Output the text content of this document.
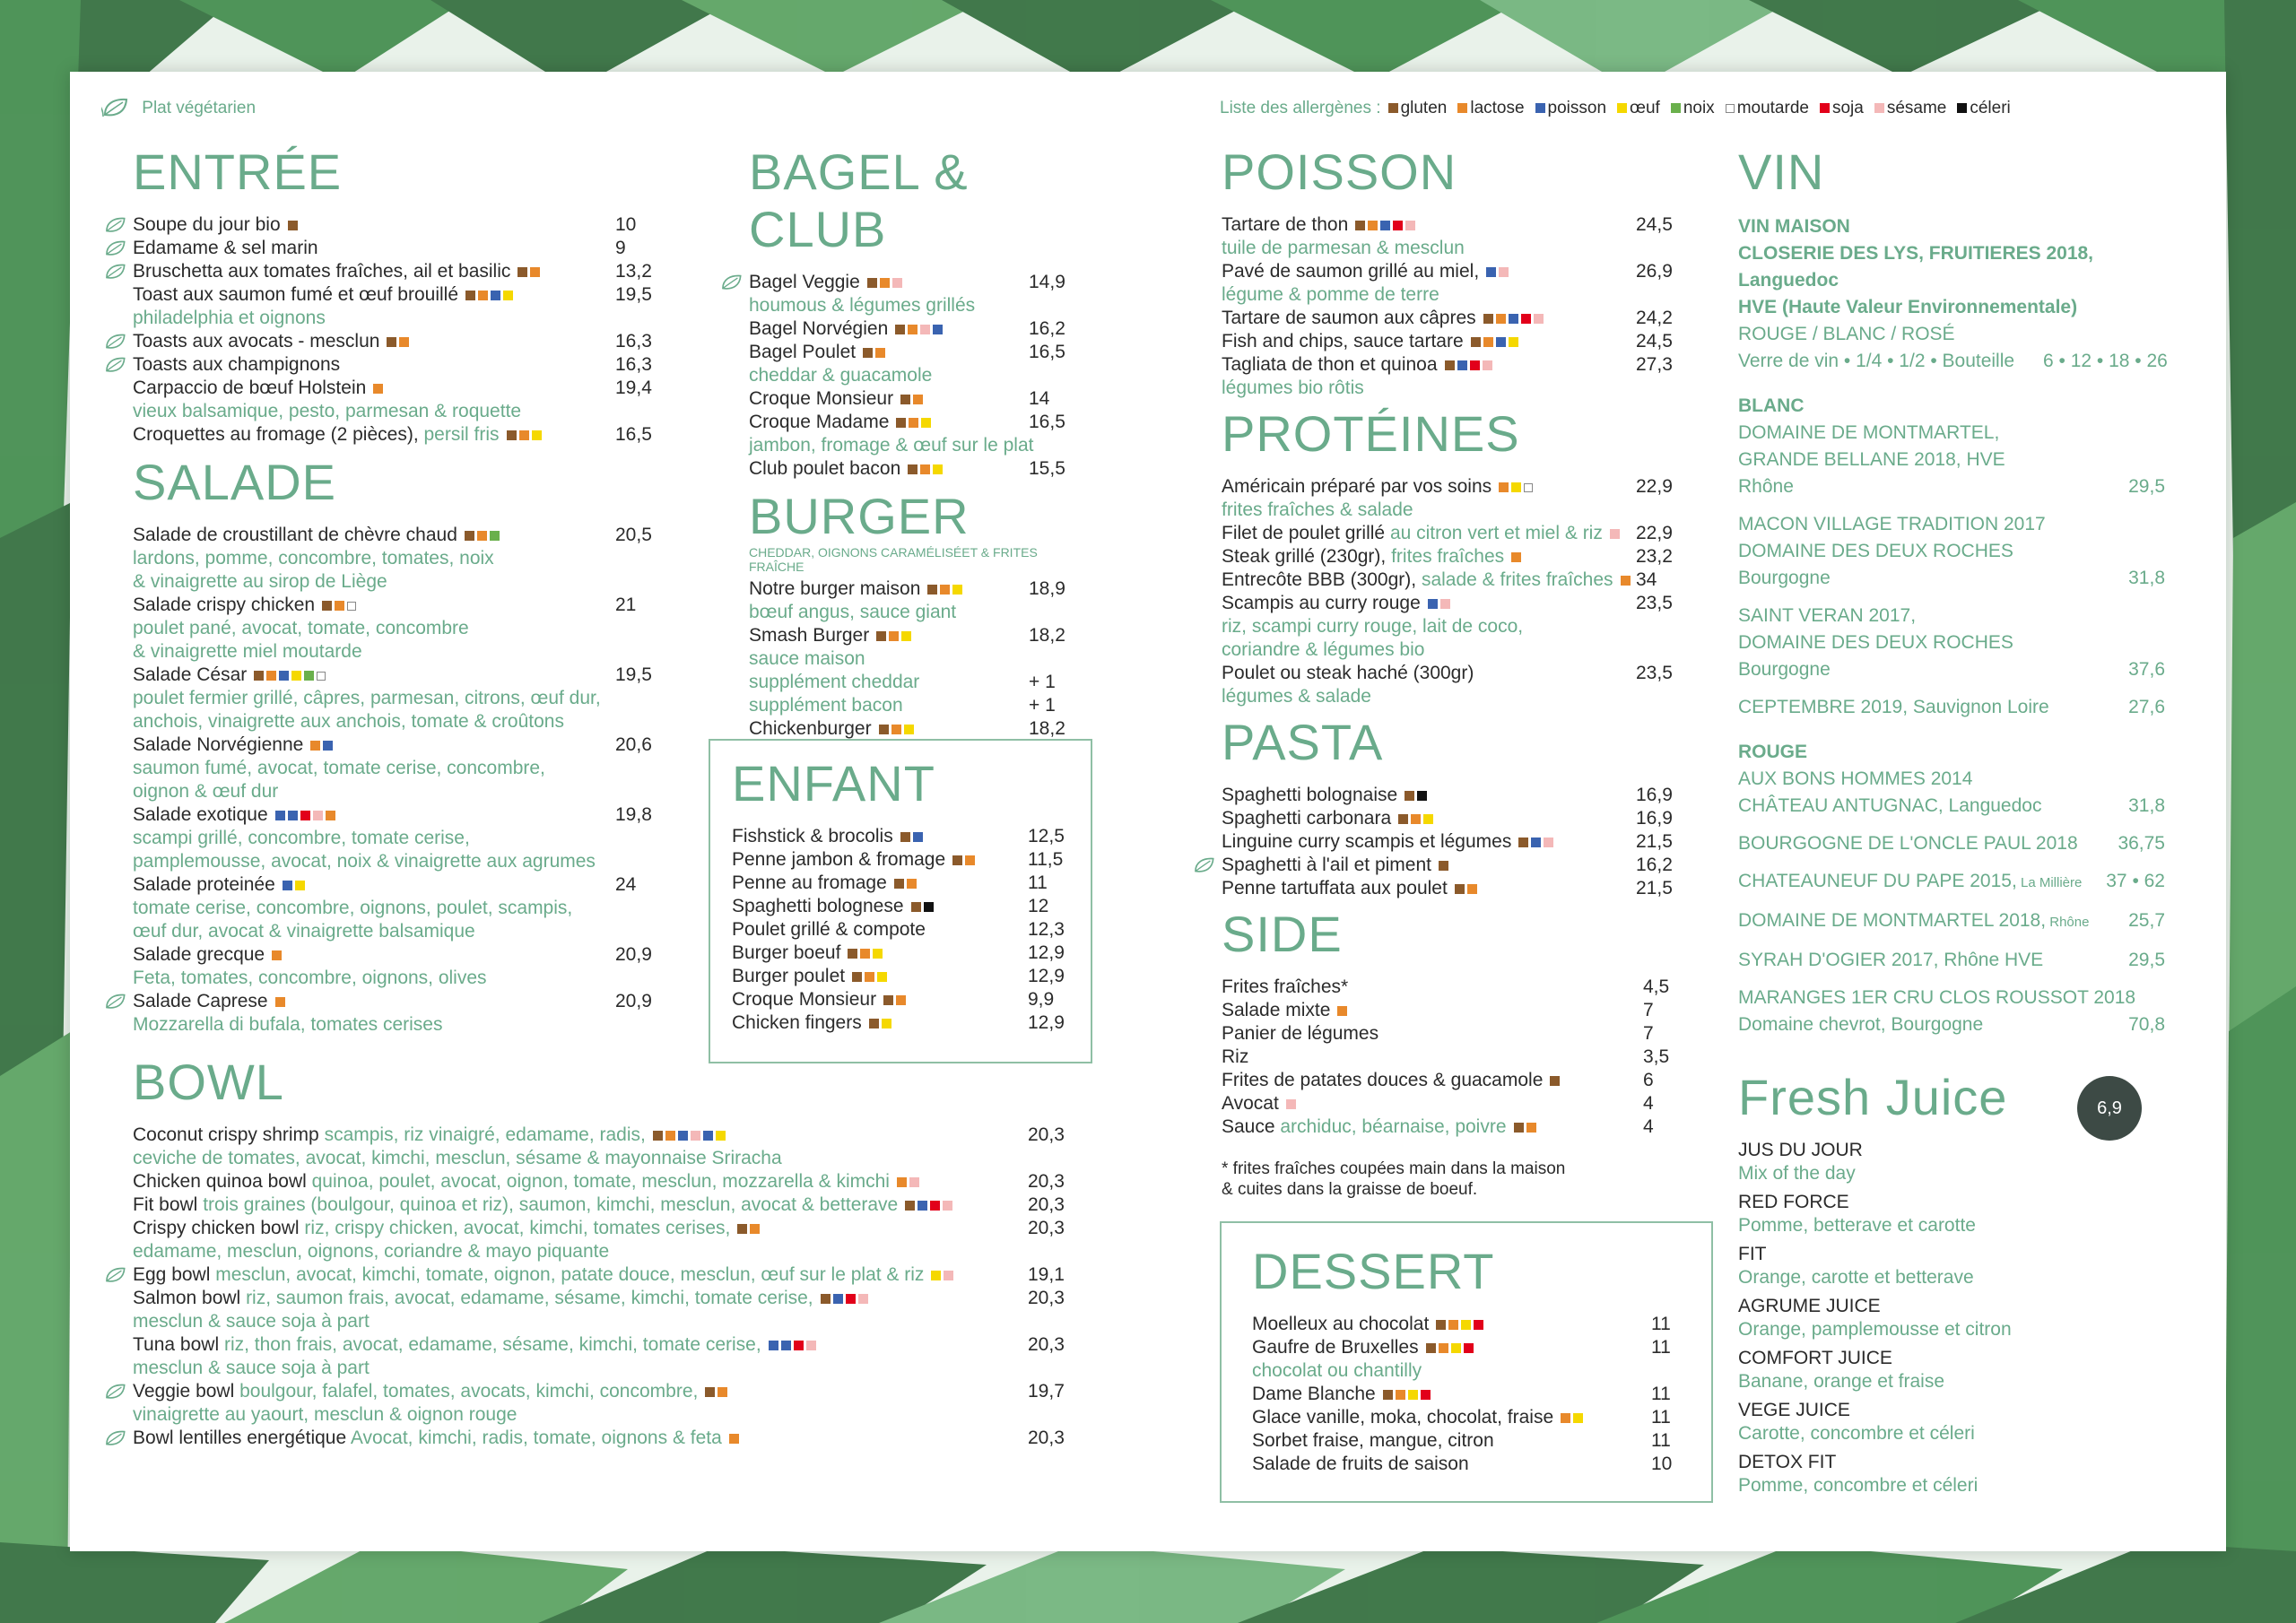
Plat végétarien	Liste des allergènes : gluten lactose poisson œuf noix moutarde soja sésame céleri
ENTRÉE
Soupe du jour bio	10
Edamame & sel marin	9
Bruschetta aux tomates fraîches, ail et basilic	13,2
Toast aux saumon fumé et œuf brouillé	19,5
philadelphia et oignons
Toasts aux avocats - mesclun	16,3
Toasts aux champignons	16,3
Carpaccio de bœuf Holstein	19,4
vieux balsamique, pesto, parmesan & roquette
Croquettes au fromage (2 pièces), persil fris	16,5
SALADE
Salade de croustillant de chèvre chaud	20,5
lardons, pomme, concombre, tomates, noix
& vinaigrette au sirop de Liège
Salade crispy chicken	21
poulet pané, avocat, tomate, concombre
& vinaigrette miel moutarde
Salade César	19,5
poulet fermier grillé, câpres, parmesan, citrons, œuf dur,
anchois, vinaigrette aux anchois, tomate & croûtons
Salade Norvégienne	20,6
saumon fumé, avocat, tomate cerise, concombre,
oignon & œuf dur
Salade exotique	19,8
scampi grillé, concombre, tomate cerise,
pamplemousse, avocat, noix & vinaigrette aux agrumes
Salade proteinée	24
tomate cerise, concombre, oignons, poulet, scampis,
œuf dur, avocat & vinaigrette balsamique
Salade grecque	20,9
Feta, tomates, concombre, oignons, olives
Salade Caprese	20,9
Mozzarella di bufala, tomates cerises
BOWL
Coconut crispy shrimp scampis, riz vinaigré, edamame, radis,	20,3
ceviche de tomates, avocat, kimchi, mesclun, sésame & mayonnaise Sriracha
Chicken quinoa bowl quinoa, poulet, avocat, oignon, tomate, mesclun, mozzarella & kimchi	20,3
Fit bowl trois graines (boulgour, quinoa et riz), saumon, kimchi, mesclun, avocat & betterave	20,3
Crispy chicken bowl riz, crispy chicken, avocat, kimchi, tomates cerises,	20,3
edamame, mesclun, oignons, coriandre & mayo piquante
Egg bowl mesclun, avocat, kimchi, tomate, oignon, patate douce, mesclun, œuf sur le plat & riz	19,1
Salmon bowl riz, saumon frais, avocat, edamame, sésame, kimchi, tomate cerise,	20,3
mesclun & sauce soja à part
Tuna bowl riz, thon frais, avocat, edamame, sésame, kimchi, tomate cerise,	20,3
mesclun & sauce soja à part
Veggie bowl boulgour, falafel, tomates, avocats, kimchi, concombre,	19,7
vinaigrette au yaourt, mesclun & oignon rouge
Bowl lentilles energétique Avocat, kimchi, radis, tomate, oignons & feta	20,3
BAGEL & CLUB
Bagel Veggie	14,9
houmous & légumes grillés
Bagel Norvégien	16,2
Bagel Poulet	16,5
cheddar & guacamole
Croque Monsieur	14
Croque Madame	16,5
jambon, fromage & œuf sur le plat
Club poulet bacon	15,5
BURGER
CHEDDAR, OIGNONS CARAMÉLISÉET & FRITES FRAÎCHE
Notre burger maison	18,9
bœuf angus, sauce giant
Smash Burger	18,2
sauce maison
supplément cheddar	+ 1
supplément bacon	+ 1
Chickenburger	18,2
ENFANT
Fishstick & brocolis	12,5
Penne jambon & fromage	11,5
Penne au fromage	11
Spaghetti bolognese	12
Poulet grillé & compote	12,3
Burger boeuf	12,9
Burger poulet	12,9
Croque Monsieur	9,9
Chicken fingers	12,9
POISSON
Tartare de thon	24,5
tuile de parmesan & mesclun
Pavé de saumon grillé au miel,	26,9
légume & pomme de terre
Tartare de saumon aux câpres	24,2
Fish and chips, sauce tartare	24,5
Tagliata de thon et quinoa	27,3
légumes bio rôtis
PROTÉINES
Américain préparé par vos soins	22,9
frites fraîches & salade
Filet de poulet grillé au citron vert et miel & riz 22,9
Steak grillé (230gr), frites fraîches	23,2
Entrecôte BBB (300gr), salade & frites fraîches 34
Scampis au curry rouge	23,5
riz, scampi curry rouge, lait de coco,
coriandre & légumes bio
Poulet ou steak haché (300gr)	23,5
légumes & salade
PASTA
Spaghetti bolognaise	16,9
Spaghetti carbonara	16,9
Linguine curry scampis et légumes	21,5
Spaghetti à l'ail et piment	16,2
Penne tartuffata aux poulet	21,5
SIDE
Frites fraîches*	4,5
Salade mixte	7
Panier de légumes	7
Riz	3,5
Frites de patates douces & guacamole	6
Avocat	4
Sauce archiduc, béarnaise, poivre	4
* frites fraîches coupées main dans la maison
& cuites dans la graisse de boeuf.
DESSERT
Moelleux au chocolat	11
Gaufre de Bruxelles	11
chocolat ou chantilly
Dame Blanche	11
Glace vanille, moka, chocolat, fraise	11
Sorbet fraise, mangue, citron	11
Salade de fruits de saison	10
VIN
VIN MAISON
CLOSERIE DES LYS, FRUITIERES 2018, Languedoc
HVE (Haute Valeur Environnementale)
ROUGE / BLANC / ROSÉ
Verre de vin • 1/4 • 1/2 • Bouteille 6 • 12 • 18 • 26
BLANC
DOMAINE DE MONTMARTEL,
GRANDE BELLANE 2018, HVE
Rhône	29,5
MACON VILLAGE TRADITION 2017
DOMAINE DES DEUX ROCHES
Bourgogne	31,8
SAINT VERAN 2017,
DOMAINE DES DEUX ROCHES
Bourgogne	37,6
CEPTEMBRE 2019, Sauvignon Loire	27,6
ROUGE
AUX BONS HOMMES 2014
CHÂTEAU ANTUGNAC, Languedoc	31,8
BOURGOGNE DE L'ONCLE PAUL 2018 36,75
CHATEAUNEUF DU PAPE 2015, La Millière 37 • 62
DOMAINE DE MONTMARTEL 2018, Rhône 25,7
SYRAH D'OGIER 2017, Rhône HVE	29,5
MARANGES 1ER CRU CLOS ROUSSOT 2018
Domaine chevrot, Bourgogne	70,8
Fresh Juice
JUS DU JOUR
Mix of the day
RED FORCE
Pomme, betterave et carotte
FIT
Orange, carotte et betterave
AGRUME JUICE
Orange, pamplemousse et citron
COMFORT JUICE
Banane, orange et fraise
VEGE JUICE
Carotte, concombre et céleri
DETOX FIT
Pomme, concombre et céleri
6,9
